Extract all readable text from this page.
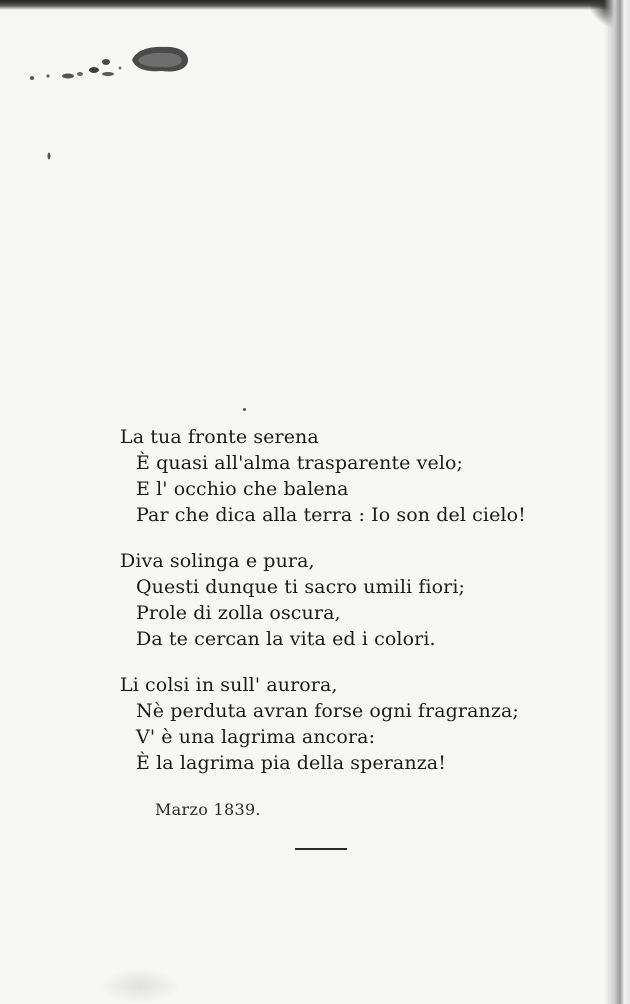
La tua fronte serena
È quasi all'alma trasparente velo;
E l' occhio che balena
Par che dica alla terra : Io son del cielo!
Diva solinga e pura,
Questi dunque ti sacro umili fiori;
Prole di zolla oscura,
Da te cercan la vita ed i colori.
Li colsi in sull' aurora,
Nè perduta avran forse ogni fragranza;
V' è una lagrima ancora:
È la lagrima pia della speranza!
Marzo 1839.
